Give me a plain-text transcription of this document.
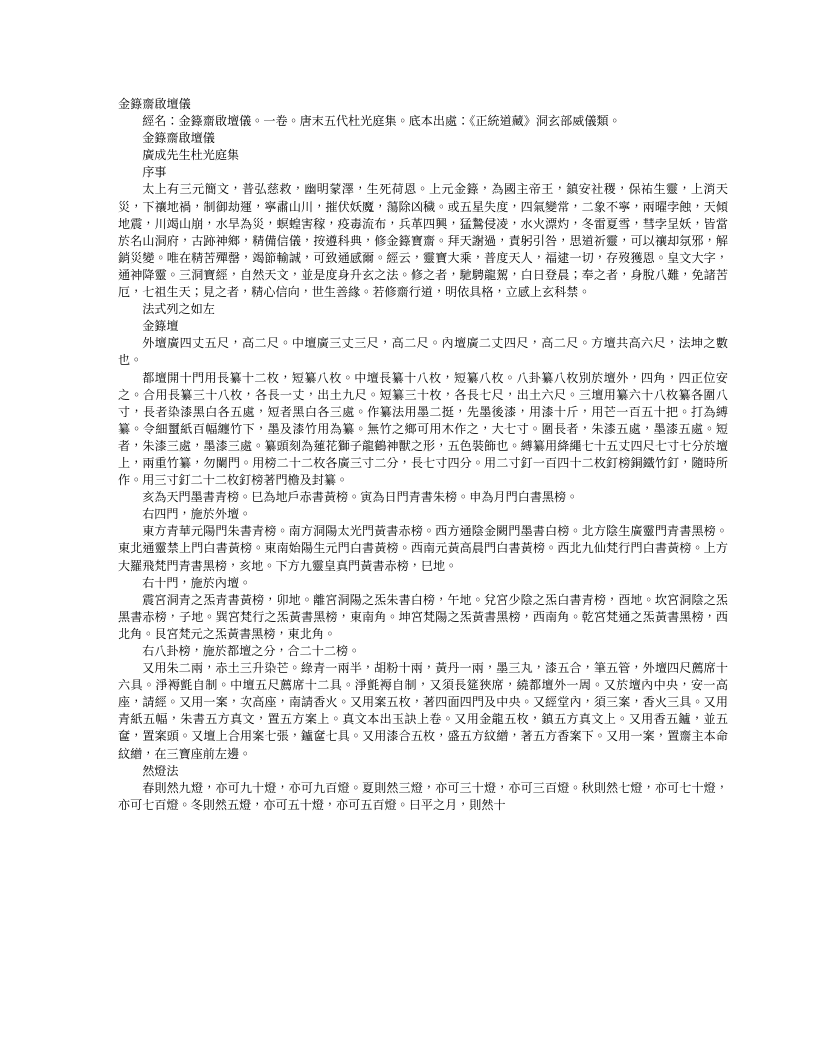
金籙齋啟壇儀

經名：金籙齋啟壇儀。一卷。唐末五代杜光庭集。底本出處：《正統道藏》洞玄部威儀類。

金籙齋啟壇儀

廣成先生杜光庭集

序事

太上有三元簡文，普弘慈救，幽明蒙澤，生死荷恩。上元金籙，為國主帝王，鎮安社稷，保祐生靈，上消天災，下禳地禍，制御劫運，寧肅山川，摧伏妖魔，蕩除凶穢。或五星失度，四氣變常，二象不寧，兩曜孛蝕，天傾地震，川竭山崩，水旱為災，螟蝗害稼，疫毒流布，兵革四興，猛鷙侵凌，水火漂灼，冬雷夏雪，彗孛呈妖，皆當於名山洞府，古跡神鄉，精備信儀，按遵科典，修金籙寶齋。拜天謝過，責躬引咎，思道祈靈，可以禳却氛邪，解銷災變。唯在精苦殫罄，竭節輸誠，可致通感爾。經云，靈寶大乘，普度天人，福逮一切，存歿獲恩。皇文大字，通神降靈。三洞寶經，自然天文，並是度身升玄之法。修之者，馳騁龍駕，白日登晨；奉之者，身脫八難，免諸苦厄，七祖生天；見之者，精心信向，世生善緣。若修齋行道，明依具格，立感上玄科禁。

法式列之如左

金籙壇

外壇廣四丈五尺，高二尺。中壇廣三丈三尺，高二尺。內壇廣二丈四尺，高二尺。方壇共高六尺，法坤之數也。

都壇開十門用長纂十二枚，短纂八枚。中壇長纂十八枚，短纂八枚。八卦纂八枚別於壇外，四角，四正位安之。合用長纂三十八枚，各長一丈，出土九尺。短纂三十枚，各長七尺，出土六尺。三壇用纂六十八枚纂各圍八寸，長者染漆黑白各五處，短者黑白各三處。作纂法用墨二挺，先墨後漆，用漆十斤，用芒一百五十把。打為縛纂。令細蠒紙百幅纏竹下，墨及漆竹用為纂。無竹之鄉可用木作之，大七寸。圍長者，朱漆五處，墨漆五處。短者，朱漆三處，墨漆三處。纂頭刻為蓮花獅子龍鶴神獸之形，五色裝飾也。縛纂用絳繩七十五丈四尺七寸七分於壇上，兩重竹纂，勿闌門。用榜二十二枚各廣三寸二分，長七寸四分。用二寸釘一百四十二枚釘榜銅鐵竹釘，隨時所作。用三寸釘二十二枚釘榜著門檐及封纂。

亥為天門墨書青榜。巳為地戶赤書黃榜。寅為日門青書朱榜。申為月門白書黑榜。

右四門，施於外壇。

東方青華元陽門朱書青榜。南方洞陽太光門黃書赤榜。西方通陰金闕門墨書白榜。北方陰生廣靈門青書黑榜。東北通靈禁上門白書黃榜。東南始陽生元門白書黃榜。西南元黃高晨門白書黃榜。西北九仙梵行門白書黃榜。上方大羅飛梵門青書黑榜，亥地。下方九靈皇真門黃書赤榜，巳地。

右十門，施於內壇。

震宮洞青之炁青書黃榜，卯地。離宮洞陽之炁朱書白榜，午地。兌宮少陰之炁白書青榜，酉地。坎宮洞陰之炁黑書赤榜，子地。巽宮梵行之炁黃書黑榜，東南角。坤宮梵陽之炁黃書黑榜，西南角。乾宮梵通之炁黃書黑榜，西北角。艮宮梵元之炁黃書黑榜，東北角。

右八卦榜，施於都壇之分，合二十二榜。

又用朱二兩，赤土三升染芒。綠青一兩半，胡粉十兩，黃丹一兩，墨三丸，漆五合，筆五管，外壇四尺薦席十六具。淨褥氈自制。中壇五尺薦席十二具。淨氈褥自制，又須長筵狹席，繞都壇外一周。又於壇內中央，安一高座，請經。又用一案，次高座，南請香火。又用案五枚，著四面四門及中央。又經堂內，須三案，香火三具。又用青紙五幅，朱書五方真文，置五方案上。真文本出玉訣上卷。又用金龍五枚，鎮五方真文上。又用香五鑪，並五奩，置案頭。又壇上合用案七張，鑪奩七具。又用漆合五枚，盛五方紋繒，著五方香案下。又用一案，置齋主本命紋繒，在三寶座前左邊。

然燈法

春則然九燈，亦可九十燈，亦可九百燈。夏則然三燈，亦可三十燈，亦可三百燈。秋則然七燈，亦可七十燈，亦可七百燈。冬則然五燈，亦可五十燈，亦可五百燈。曰平之月，則然十
